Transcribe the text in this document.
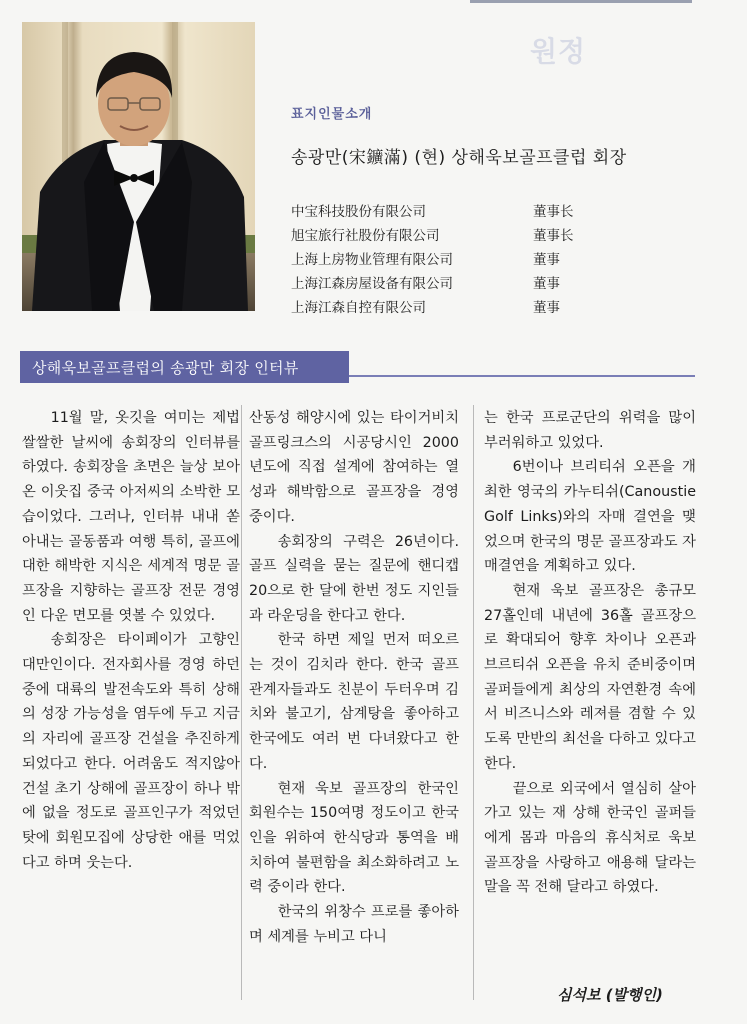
원정
표지인물소개
송광만(宋鑛滿) (현) 상해욱보골프클럽 회장
中宝科技股份有限公司	董事长
旭宝旅行社股份有限公司	董事长
上海上房物业管理有限公司	董事
上海江森房屋设备有限公司	董事
上海江森自控有限公司	董事
상해욱보골프클럽의 송광만 회장 인터뷰

11월 말, 옷깃을 여미는 제법 쌀쌀한 날씨에 송회장의 인터뷰를 하였다. 송회장을 초면은 늘상 보아온 이웃집 중국 아저씨의 소박한 모습이었다. 그러나, 인터뷰 내내 쏟아내는 골동품과 여행 특히, 골프에 대한 해박한 지식은 세계적 명문 골프장을 지향하는 골프장 전문 경영인 다운 면모를 엿볼 수 있었다.

송회장은 타이페이가 고향인 대만인이다. 전자회사를 경영 하던 중에 대륙의 발전속도와 특히 상해의 성장 가능성을 염두에 두고 지금의 자리에 골프장 건설을 추진하게 되었다고 한다. 어려움도 적지않아 건설 초기 상해에 골프장이 하나 밖에 없을 정도로 골프인구가 적었던 탓에 회원모집에 상당한 애를 먹었다고 하며 웃는다.

산동성 해양시에 있는 타이거비치 골프링크스의 시공당시인 2000년도에 직접 설계에 참여하는 열성과 해박함으로 골프장을 경영 중이다.

송회장의 구력은 26년이다. 골프 실력을 묻는 질문에 핸디캡 20으로 한 달에 한번 정도 지인들과 라운딩을 한다고 한다.

한국 하면 제일 먼저 떠오르는 것이 김치라 한다. 한국 골프 관계자들과도 친분이 두터우며 김치와 불고기, 삼계탕을 좋아하고 한국에도 여러 번 다녀왔다고 한다.

현재 욱보 골프장의 한국인 회원수는 150여명 정도이고 한국인을 위하여 한식당과 통역을 배치하여 불편함을 최소화하려고 노력 중이라 한다.

한국의 위창수 프로를 좋아하며 세계를 누비고 다니

는 한국 프로군단의 위력을 많이 부러워하고 있었다.

6번이나 브리티쉬 오픈을 개최한 영국의 카누티쉬(Canoustie Golf Links)와의 자매 결연을 맺었으며 한국의 명문 골프장과도 자매결연을 계획하고 있다.

현재 욱보 골프장은 총규모 27홀인데 내년에 36홀 골프장으로 확대되어 향후 차이나 오픈과 브르티쉬 오픈을 유치 준비중이며 골퍼들에게 최상의 자연환경 속에서 비즈니스와 레져를 겸할 수 있도록 만반의 최선을 다하고 있다고 한다.

끝으로 외국에서 열심히 살아가고 있는 재 상해 한국인 골퍼들에게 몸과 마음의 휴식처로 욱보 골프장을 사랑하고 애용해 달라는 말을 꼭 전해 달라고 하였다.

심석보 (발행인)
